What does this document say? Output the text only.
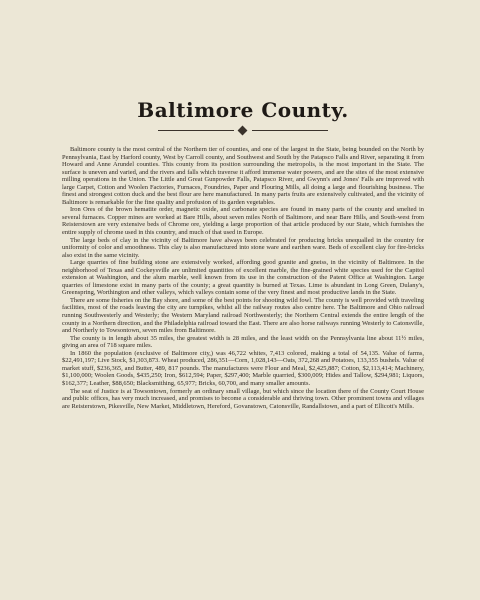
Baltimore County.

Baltimore county is the most central of the Northern tier of counties, and one of the largest in the State, being bounded on the North by Pennsylvania, East by Harford county, West by Carroll county, and Southwest and South by the Patapsco Falls and River, separating it from Howard and Anne Arundel counties. This county from its position surrounding the metropolis, is the most important in the State. The surface is uneven and varied, and the rivers and falls which traverse it afford immense water powers, and are the sites of the most extensive milling operations in the Union. The Little and Great Gunpowder Falls, Patapsco River, and Gwynn's and Jones' Falls are improved with large Carpet, Cotton and Woolen Factories, Furnaces, Foundries, Paper and Flouring Mills, all doing a large and flourishing business. The finest and strongest cotton duck and the best flour are here manufactured. In many parts fruits are extensively cultivated, and the vicinity of Baltimore is remarkable for the fine quality and profusion of its garden vegetables.

Iron Ores of the brown hematite order, magnetic oxide, and carbonate species are found in many parts of the county and smelted in several furnaces. Copper mines are worked at Bare Hills, about seven miles North of Baltimore, and near Bare Hills, and South-west from Reisterstown are very extensive beds of Chrome ore, yielding a large proportion of that article produced by our State, which furnishes the entire supply of chrome used in this country, and much of that used in Europe.

The large beds of clay in the vicinity of Baltimore have always been celebrated for producing bricks unequalled in the country for uniformity of color and smoothness. This clay is also manufactured into stone ware and earthen ware. Beds of excellent clay for fire-bricks also exist in the same vicinity.

Large quarries of fine building stone are extensively worked, affording good granite and gneiss, in the vicinity of Baltimore. In the neighborhood of Texas and Cockeysville are unlimited quantities of excellent marble, the fine-grained white species used for the Capitol extension at Washington, and the alum marble, well known from its use in the construction of the Patent Office at Washington. Large quarries of limestone exist in many parts of the county; a great quantity is burned at Texas. Lime is abundant in Long Green, Dulany's, Greenspring, Worthington and other valleys, which valleys contain some of the very finest and most productive lands in the State.

There are some fisheries on the Bay shore, and some of the best points for shooting wild fowl. The county is well provided with traveling facilities, most of the roads leaving the city are turnpikes, whilst all the railway routes also centre here. The Baltimore and Ohio railroad running Southwesterly and Westerly; the Western Maryland railroad Northwesterly; the Northern Central extends the entire length of the county in a Northern direction, and the Philadelphia railroad toward the East. There are also horse railways running Westerly to Catonsville, and Northerly to Towsontown, seven miles from Baltimore.

The county is in length about 35 miles, the greatest width is 28 miles, and the least width on the Pennsylvania line about 11½ miles, giving an area of 718 square miles.

In 1860 the population (exclusive of Baltimore city,) was 46,722 whites, 7,413 colored, making a total of 54,135. Value of farms, $22,491,197; Live Stock, $1,303,873. Wheat produced, 286,351—Corn, 1,028,143—Oats, 372,268 and Potatoes, 133,355 bushels. Value of market stuff, $236,365, and Butter, 489, 817 pounds. The manufactures were Flour and Meal, $2,425,887; Cotton, $2,113,414; Machinery, $1,100,000; Woolen Goods, $435,250; Iron, $612,594; Paper, $297,400; Marble quarried, $300,009; Hides and Tallow, $294,981; Liquors, $162,377; Leather, $88,650; Blacksmithing, 65,977; Bricks, 60,700, and many smaller amounts.

The seat of Justice is at Towsontown, formerly an ordinary small village, but which since the location there of the County Court House and public offices, has very much increased, and promises to become a considerable and thriving town. Other prominent towns and villages are Reisterstown, Pikesville, New Market, Middletown, Hereford, Govanstown, Catonsville, Randallstown, and a part of Ellicott's Mills.
